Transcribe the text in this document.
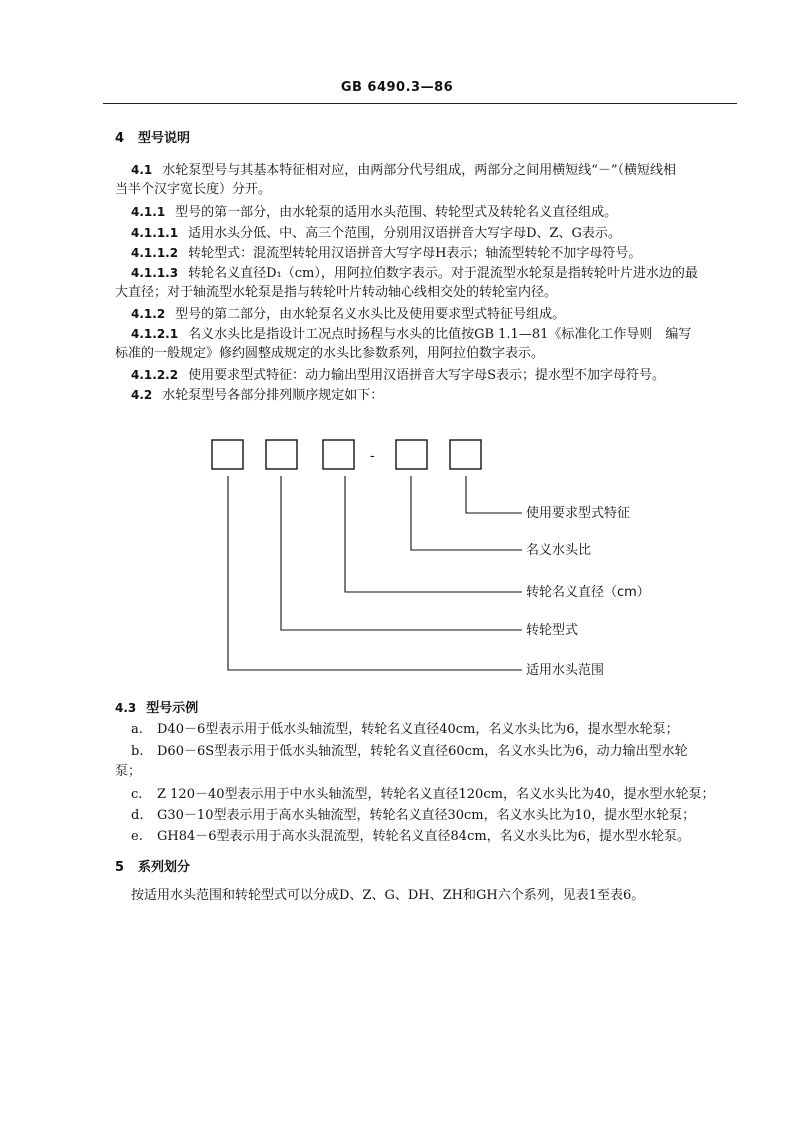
GB 6490.3—86
4 型号说明
4.1 水轮泵型号与其基本特征相对应，由两部分代号组成，两部分之间用横短线“－”（横短线相
当半个汉字宽长度）分开。
4.1.1 型号的第一部分，由水轮泵的适用水头范围、转轮型式及转轮名义直径组成。
4.1.1.1 适用水头分低、中、高三个范围，分别用汉语拼音大写字母D、Z、G表示。
4.1.1.2 转轮型式：混流型转轮用汉语拼音大写字母H表示；轴流型转轮不加字母符号。
4.1.1.3 转轮名义直径D₁（cm），用阿拉伯数字表示。对于混流型水轮泵是指转轮叶片进水边的最
大直径；对于轴流型水轮泵是指与转轮叶片转动轴心线相交处的转轮室内径。
4.1.2 型号的第二部分，由水轮泵名义水头比及使用要求型式特征号组成。
4.1.2.1 名义水头比是指设计工况点时扬程与水头的比值按GB 1.1—81《标准化工作导则　编写
标准的一般规定》修约圆整成规定的水头比参数系列，用阿拉伯数字表示。
4.1.2.2 使用要求型式特征：动力输出型用汉语拼音大写字母S表示；提水型不加字母符号。
4.2 水轮泵型号各部分排列顺序规定如下：
-
使用要求型式特征
名义水头比
转轮名义直径（cm）
转轮型式
适用水头范围
4.3 型号示例
a. D40－6型表示用于低水头轴流型，转轮名义直径40cm，名义水头比为6，提水型水轮泵；
b. D60－6S型表示用于低水头轴流型，转轮名义直径60cm，名义水头比为6，动力输出型水轮
泵；
c. Z 120－40型表示用于中水头轴流型，转轮名义直径120cm，名义水头比为40，提水型水轮泵；
d. G30－10型表示用于高水头轴流型，转轮名义直径30cm，名义水头比为10，提水型水轮泵；
e. GH84－6型表示用于高水头混流型，转轮名义直径84cm，名义水头比为6，提水型水轮泵。
5 系列划分
按适用水头范围和转轮型式可以分成D、Z、G、DH、ZH和GH六个系列，见表1至表6。
